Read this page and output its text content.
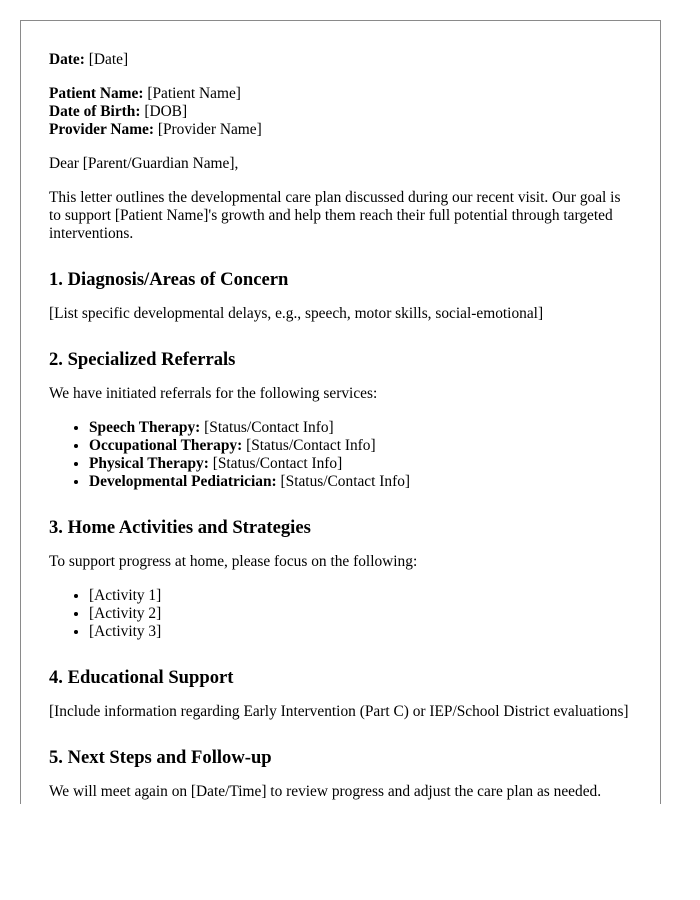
Date: [Date]

Patient Name: [Patient Name]

Date of Birth: [DOB]

Provider Name: [Provider Name]

Dear [Parent/Guardian Name],

This letter outlines the developmental care plan discussed during our recent visit. Our goal is to support [Patient Name]'s growth and help them reach their full potential through targeted interventions.

1. Diagnosis/Areas of Concern

[List specific developmental delays, e.g., speech, motor skills, social-emotional]

2. Specialized Referrals

We have initiated referrals for the following services:

• Speech Therapy: [Status/Contact Info]
• Occupational Therapy: [Status/Contact Info]
• Physical Therapy: [Status/Contact Info]
• Developmental Pediatrician: [Status/Contact Info]
3. Home Activities and Strategies

To support progress at home, please focus on the following:

• [Activity 1]
• [Activity 2]
• [Activity 3]
4. Educational Support

[Include information regarding Early Intervention (Part C) or IEP/School District evaluations]

5. Next Steps and Follow-up

We will meet again on [Date/Time] to review progress and adjust the care plan as needed.
